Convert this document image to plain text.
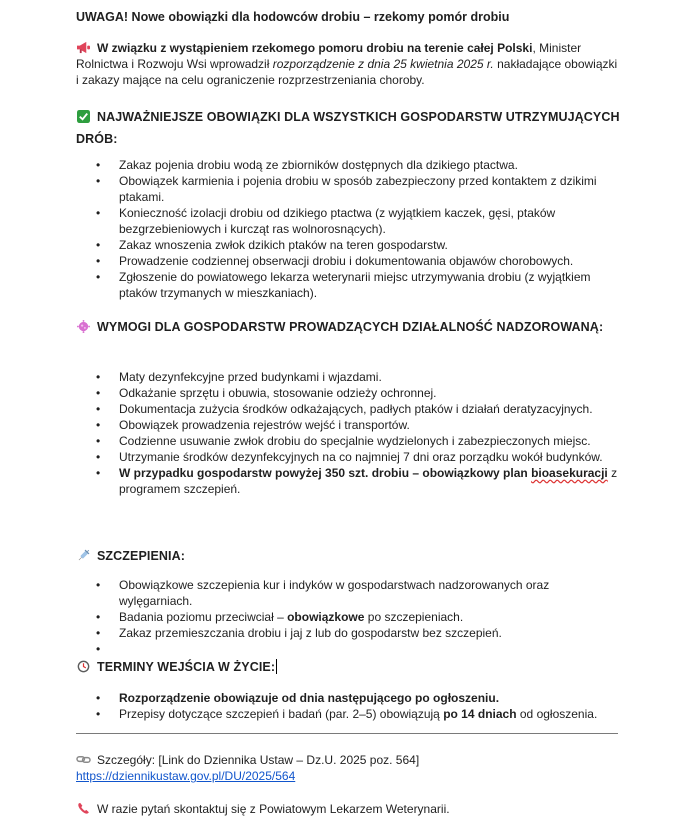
UWAGA! Nowe obowiązki dla hodowców drobiu – rzekomy pomór drobiu
W związku z wystąpieniem rzekomego pomoru drobiu na terenie całej Polski, Minister Rolnictwa i Rozwoju Wsi wprowadził rozporządzenie z dnia 25 kwietnia 2025 r. nakładające obowiązki i zakazy mające na celu ograniczenie rozprzestrzeniania choroby.
NAJWAŻNIEJSZE OBOWIĄZKI DLA WSZYSTKICH GOSPODARSTW UTRZYMUJĄCYCH DRÓB:
• Zakaz pojenia drobiu wodą ze zbiorników dostępnych dla dzikiego ptactwa.
• Obowiązek karmienia i pojenia drobiu w sposób zabezpieczony przed kontaktem z dzikimi ptakami.
• Konieczność izolacji drobiu od dzikiego ptactwa (z wyjątkiem kaczek, gęsi, ptaków bezgrzebieniowych i kurcząt ras wolnorosnących).
• Zakaz wnoszenia zwłok dzikich ptaków na teren gospodarstw.
• Prowadzenie codziennej obserwacji drobiu i dokumentowania objawów chorobowych.
• Zgłoszenie do powiatowego lekarza weterynarii miejsc utrzymywania drobiu (z wyjątkiem ptaków trzymanych w mieszkaniach).
WYMOGI DLA GOSPODARSTW PROWADZĄCYCH DZIAŁALNOŚĆ NADZOROWANĄ:
• Maty dezynfekcyjne przed budynkami i wjazdami.
• Odkażanie sprzętu i obuwia, stosowanie odzieży ochronnej.
• Dokumentacja zużycia środków odkażających, padłych ptaków i działań deratyzacyjnych.
• Obowiązek prowadzenia rejestrów wejść i transportów.
• Codzienne usuwanie zwłok drobiu do specjalnie wydzielonych i zabezpieczonych miejsc.
• Utrzymanie środków dezynfekcyjnych na co najmniej 7 dni oraz porządku wokół budynków.
• W przypadku gospodarstw powyżej 350 szt. drobiu – obowiązkowy plan bioasekuracji z programem szczepień.
SZCZEPIENIA:
• Obowiązkowe szczepienia kur i indyków w gospodarstwach nadzorowanych oraz wylęgarniach.
• Badania poziomu przeciwciał – obowiązkowe po szczepieniach.
• Zakaz przemieszczania drobiu i jaj z lub do gospodarstw bez szczepień.
•

TERMINY WEJŚCIA W ŻYCIE:
• Rozporządzenie obowiązuje od dnia następującego po ogłoszeniu.
• Przepisy dotyczące szczepień i badań (par. 2–5) obowiązują po 14 dniach od ogłoszenia.
Szczegóły: [Link do Dziennika Ustaw – Dz.U. 2025 poz. 564]
https://dziennikustaw.gov.pl/DU/2025/564
W razie pytań skontaktuj się z Powiatowym Lekarzem Weterynarii.
